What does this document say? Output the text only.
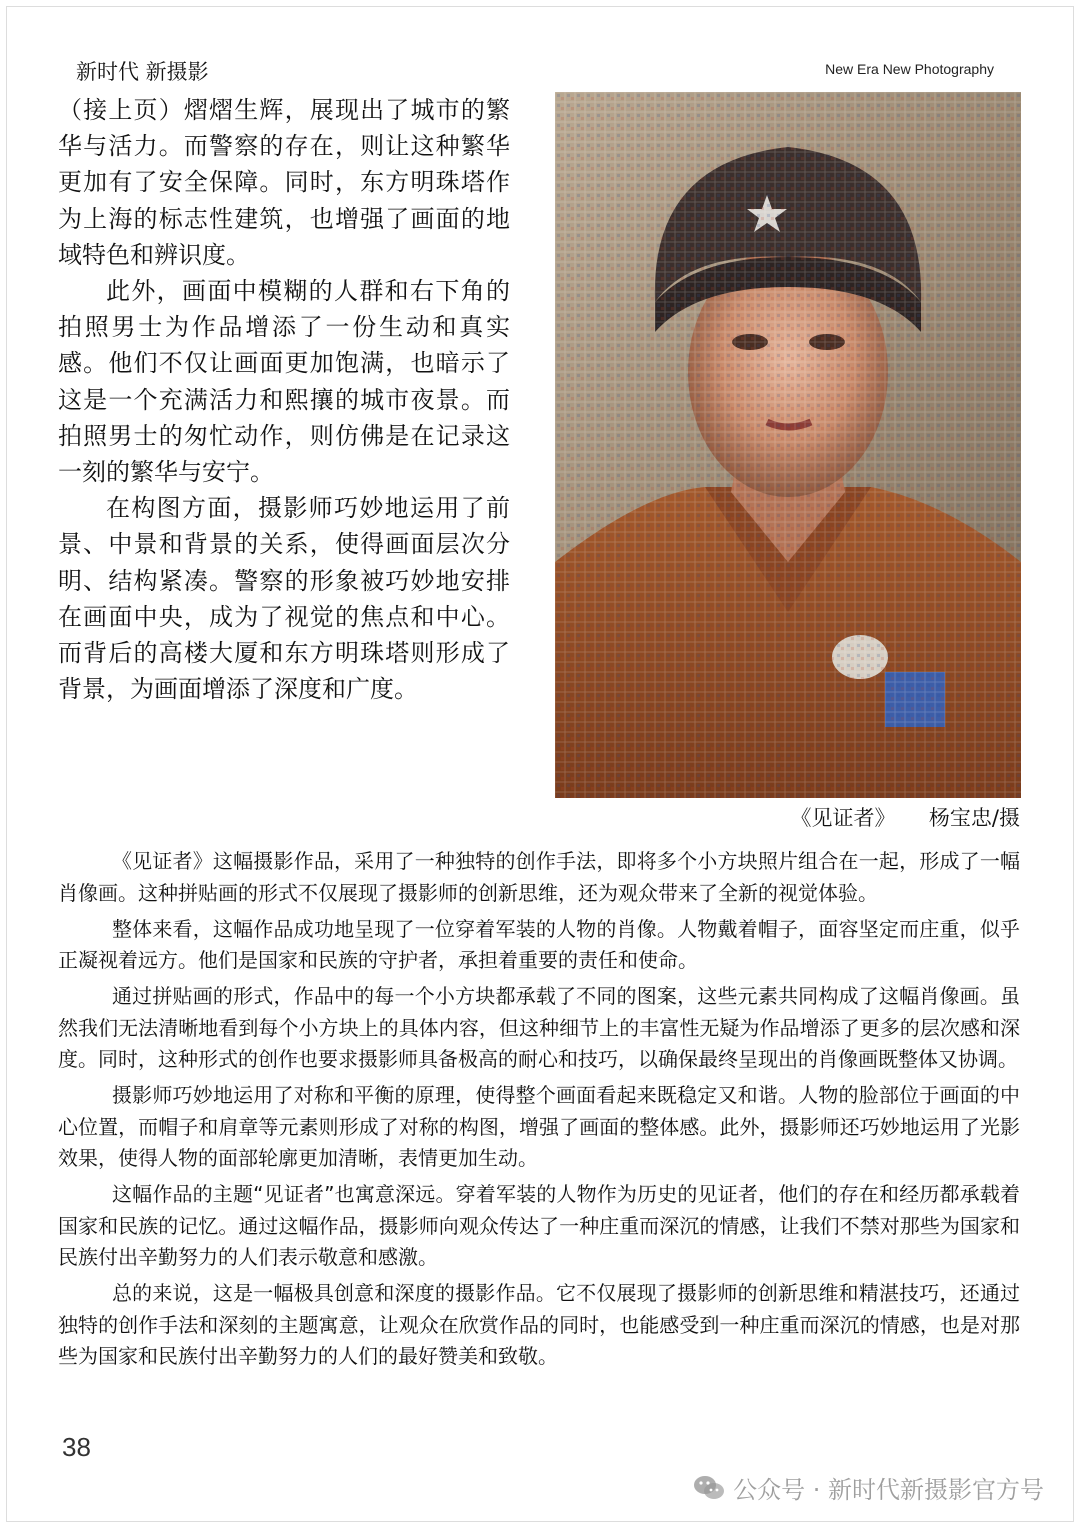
新时代 新摄影	New Era New Photography

（接上页）熠熠生辉，展现出了城市的繁华与活力。而警察的存在，则让这种繁华更加有了安全保障。同时，东方明珠塔作为上海的标志性建筑，也增强了画面的地域特色和辨识度。

此外，画面中模糊的人群和右下角的拍照男士为作品增添了一份生动和真实感。他们不仅让画面更加饱满，也暗示了这是一个充满活力和熙攘的城市夜景。而拍照男士的匆忙动作，则仿佛是在记录这一刻的繁华与安宁。

在构图方面，摄影师巧妙地运用了前景、中景和背景的关系，使得画面层次分明、结构紧凑。警察的形象被巧妙地安排在画面中央，成为了视觉的焦点和中心。而背后的高楼大厦和东方明珠塔则形成了背景，为画面增添了深度和广度。

《见证者》     杨宝忠/摄

《见证者》这幅摄影作品，采用了一种独特的创作手法，即将多个小方块照片组合在一起，形成了一幅肖像画。这种拼贴画的形式不仅展现了摄影师的创新思维，还为观众带来了全新的视觉体验。

整体来看，这幅作品成功地呈现了一位穿着军装的人物的肖像。人物戴着帽子，面容坚定而庄重，似乎正凝视着远方。他们是国家和民族的守护者，承担着重要的责任和使命。

通过拼贴画的形式，作品中的每一个小方块都承载了不同的图案，这些元素共同构成了这幅肖像画。虽然我们无法清晰地看到每个小方块上的具体内容，但这种细节上的丰富性无疑为作品增添了更多的层次感和深度。同时，这种形式的创作也要求摄影师具备极高的耐心和技巧，以确保最终呈现出的肖像画既整体又协调。

摄影师巧妙地运用了对称和平衡的原理，使得整个画面看起来既稳定又和谐。人物的脸部位于画面的中心位置，而帽子和肩章等元素则形成了对称的构图，增强了画面的整体感。此外，摄影师还巧妙地运用了光影效果，使得人物的面部轮廓更加清晰，表情更加生动。

这幅作品的主题“见证者”也寓意深远。穿着军装的人物作为历史的见证者，他们的存在和经历都承载着国家和民族的记忆。通过这幅作品，摄影师向观众传达了一种庄重而深沉的情感，让我们不禁对那些为国家和民族付出辛勤努力的人们表示敬意和感激。

总的来说，这是一幅极具创意和深度的摄影作品。它不仅展现了摄影师的创新思维和精湛技巧，还通过独特的创作手法和深刻的主题寓意，让观众在欣赏作品的同时，也能感受到一种庄重而深沉的情感，也是对那些为国家和民族付出辛勤努力的人们的最好赞美和致敬。

38
公众号 · 新时代新摄影官方号
